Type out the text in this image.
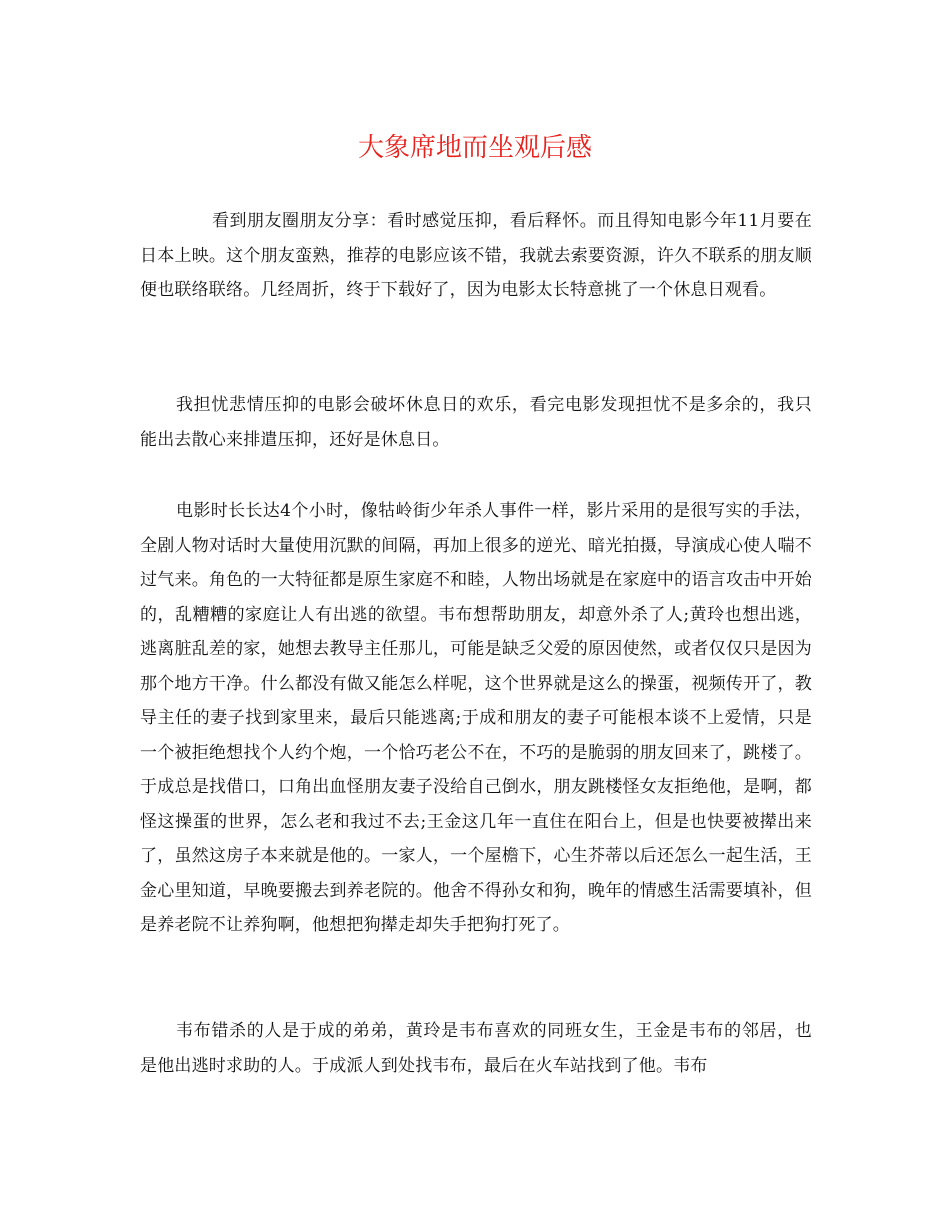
大象席地而坐观后感

看到朋友圈朋友分享：看时感觉压抑，看后释怀。而且得知电影今年11月要在日本上映。这个朋友蛮熟，推荐的电影应该不错，我就去索要资源，许久不联系的朋友顺便也联络联络。几经周折，终于下载好了，因为电影太长特意挑了一个休息日观看。

我担忧悲情压抑的电影会破坏休息日的欢乐，看完电影发现担忧不是多余的，我只能出去散心来排遣压抑，还好是休息日。

电影时长长达4个小时，像牯岭街少年杀人事件一样，影片采用的是很写实的手法，全剧人物对话时大量使用沉默的间隔，再加上很多的逆光、暗光拍摄，导演成心使人喘不过气来。角色的一大特征都是原生家庭不和睦，人物出场就是在家庭中的语言攻击中开始的，乱糟糟的家庭让人有出逃的欲望。韦布想帮助朋友，却意外杀了人;黄玲也想出逃，逃离脏乱差的家，她想去教导主任那儿，可能是缺乏父爱的原因使然，或者仅仅只是因为那个地方干净。什么都没有做又能怎么样呢，这个世界就是这么的操蛋，视频传开了，教导主任的妻子找到家里来，最后只能逃离;于成和朋友的妻子可能根本谈不上爱情，只是一个被拒绝想找个人约个炮，一个恰巧老公不在，不巧的是脆弱的朋友回来了，跳楼了。于成总是找借口，口角出血怪朋友妻子没给自己倒水，朋友跳楼怪女友拒绝他，是啊，都怪这操蛋的世界，怎么老和我过不去;王金这几年一直住在阳台上，但是也快要被撵出来了，虽然这房子本来就是他的。一家人，一个屋檐下，心生芥蒂以后还怎么一起生活，王金心里知道，早晚要搬去到养老院的。他舍不得孙女和狗，晚年的情感生活需要填补，但是养老院不让养狗啊，他想把狗撵走却失手把狗打死了。

韦布错杀的人是于成的弟弟，黄玲是韦布喜欢的同班女生，王金是韦布的邻居，也是他出逃时求助的人。于成派人到处找韦布，最后在火车站找到了他。韦布
